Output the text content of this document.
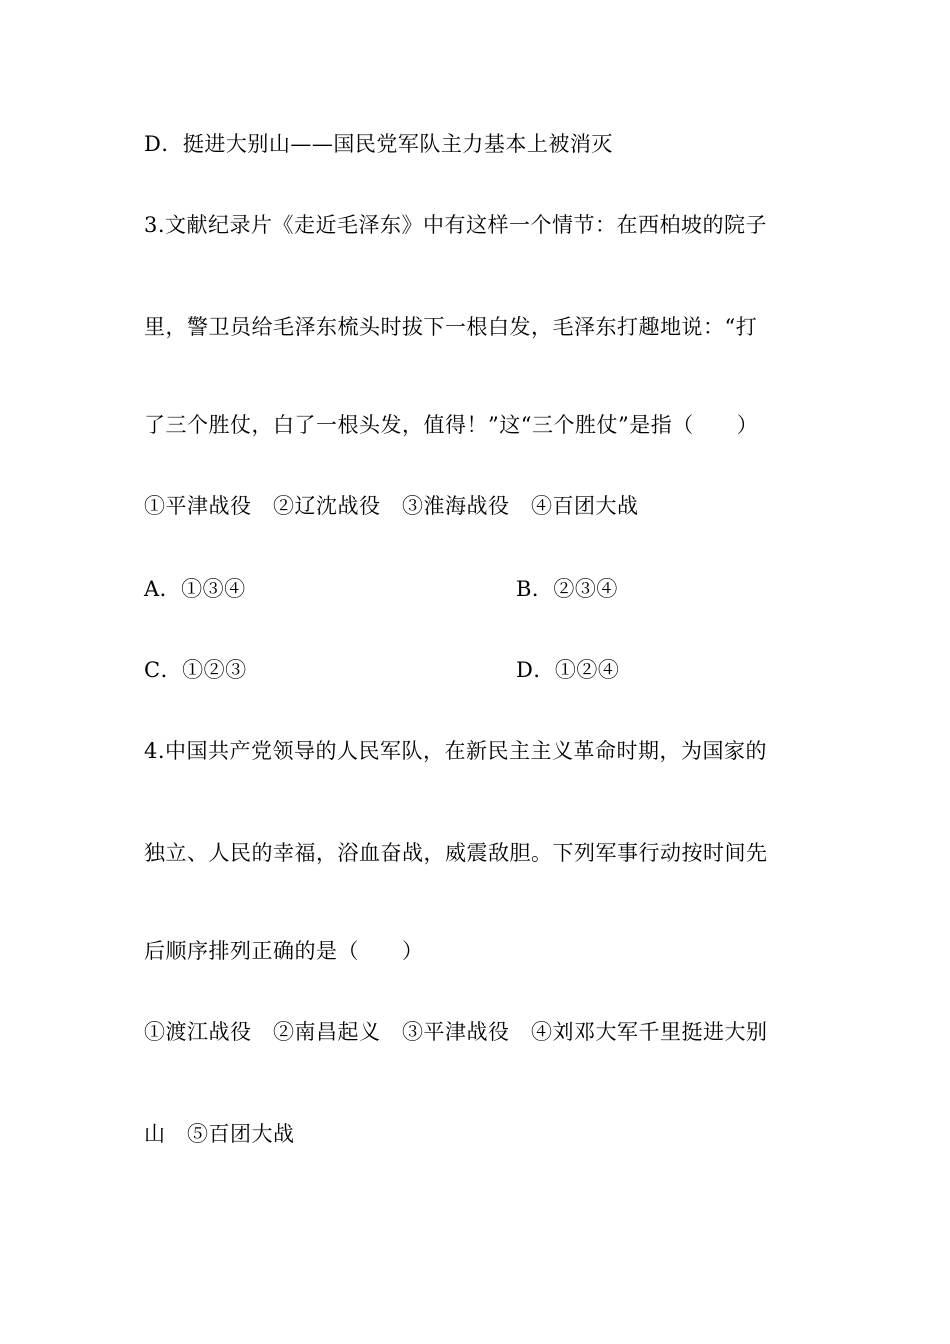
D．挺进大别山——国民党军队主力基本上被消灭
3.文献纪录片《走近毛泽东》中有这样一个情节：在西柏坡的院子
里，警卫员给毛泽东梳头时拔下一根白发，毛泽东打趣地说：“打
了三个胜仗，白了一根头发，值得！”这“三个胜仗”是指（　　）
①平津战役　②辽沈战役　③淮海战役　④百团大战
A．①③④	B．②③④
C．①②③	D．①②④
4.中国共产党领导的人民军队，在新民主主义革命时期，为国家的
独立、人民的幸福，浴血奋战，威震敌胆。下列军事行动按时间先
后顺序排列正确的是（　　）
①渡江战役　②南昌起义　③平津战役　④刘邓大军千里挺进大别
山　⑤百团大战
